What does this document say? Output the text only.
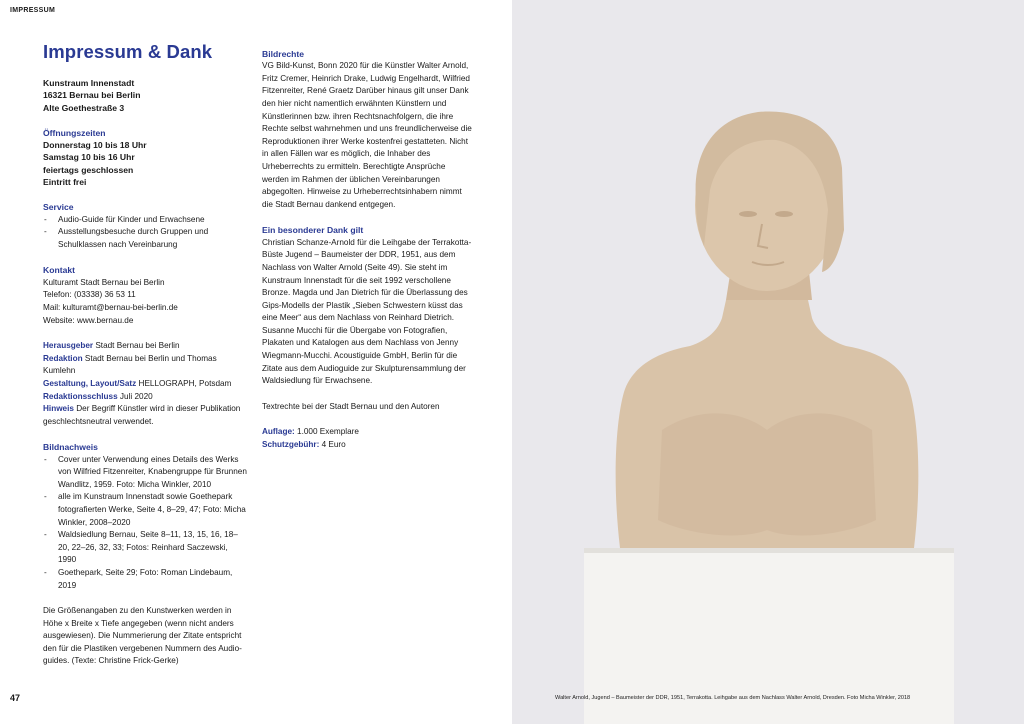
IMPRESSUM
Impressum & Dank
Kunstraum Innenstadt
16321 Bernau bei Berlin
Alte Goethestraße 3
Öffnungszeiten
Donnerstag 10 bis 18 Uhr
Samstag 10 bis 16 Uhr
feiertags geschlossen
Eintritt frei
Service
- Audio-Guide für Kinder und Erwachsene
- Ausstellungsbesuche durch Gruppen und Schulklassen nach Vereinbarung
Kontakt
Kulturamt Stadt Bernau bei Berlin
Telefon: (03338) 36 53 11
Mail: kulturamt@bernau-bei-berlin.de
Website: www.bernau.de
Herausgeber Stadt Bernau bei Berlin
Redaktion Stadt Bernau bei Berlin und Thomas Kumlehn
Gestaltung, Layout/Satz HELLOGRAPH, Potsdam
Redaktionsschluss Juli 2020
Hinweis Der Begriff Künstler wird in dieser Publikation geschlechtsneutral verwendet.
Bildnachweis
- Cover unter Verwendung eines Details des Werks von Wilfried Fitzenreiter, Knabengruppe für Brunnen Wandlitz, 1959. Foto: Micha Winkler, 2010
- alle im Kunstraum Innenstadt sowie Goethepark fotografierten Werke, Seite 4, 8–29, 47; Foto: Micha Winkler, 2008–2020
- Waldsiedlung Bernau, Seite 8–11, 13, 15, 16, 18–20, 22–26, 32, 33; Fotos: Reinhard Saczewski, 1990
- Goethepark, Seite 29; Foto: Roman Lindebaum, 2019
Die Größenangaben zu den Kunstwerken werden in Höhe x Breite x Tiefe angegeben (wenn nicht anders ausgewiesen). Die Nummerierung der Zitate entspricht den für die Plastiken vergebenen Nummern des Audio-guides. (Texte: Christine Frick-Gerke)
Bildrechte
VG Bild-Kunst, Bonn 2020 für die Künstler Walter Arnold, Fritz Cremer, Heinrich Drake, Ludwig Engelhardt, Wilfried Fitzenreiter, René Graetz Darüber hinaus gilt unser Dank den hier nicht namentlich erwähnten Künstlern und Künstlerinnen bzw. ihren Rechtsnachfolgern, die ihre Rechte selbst wahrnehmen und uns freundlicherweise die Reproduktionen ihrer Werke kostenfrei gestatteten. Nicht in allen Fällen war es möglich, die Inhaber des Urheberrechts zu ermitteln. Berechtigte Ansprüche werden im Rahmen der üblichen Vereinbarungen abgegolten. Hinweise zu Urheberrechtsinhabern nimmt die Stadt Bernau dankend entgegen.
Ein besonderer Dank gilt
Christian Schanze-Arnold für die Leihgabe der Terrakotta-Büste Jugend – Baumeister der DDR, 1951, aus dem Nachlass von Walter Arnold (Seite 49). Sie steht im Kunstraum Innenstadt für die seit 1992 verschollene Bronze. Magda und Jan Dietrich für die Überlassung des Gips-Modells der Plastik „Sieben Schwestern küsst das eine Meer“ aus dem Nachlass von Reinhard Dietrich. Susanne Mucchi für die Übergabe von Fotografien, Plakaten und Katalogen aus dem Nachlass von Jenny Wiegmann-Mucchi. Acoustiguide GmbH, Berlin für die Zitate aus dem Audioguide zur Skulpturensammlung der Waldsiedlung für Erwachsene.
Textrechte bei der Stadt Bernau und den Autoren
Auflage: 1.000 Exemplare
Schutzgebühr: 4 Euro
47	Walter Arnold, Jugend – Baumeister der DDR, 1951, Terrakotta. Leihgabe aus dem Nachlass Walter Arnold, Dresden. Foto Micha Winkler, 2018
